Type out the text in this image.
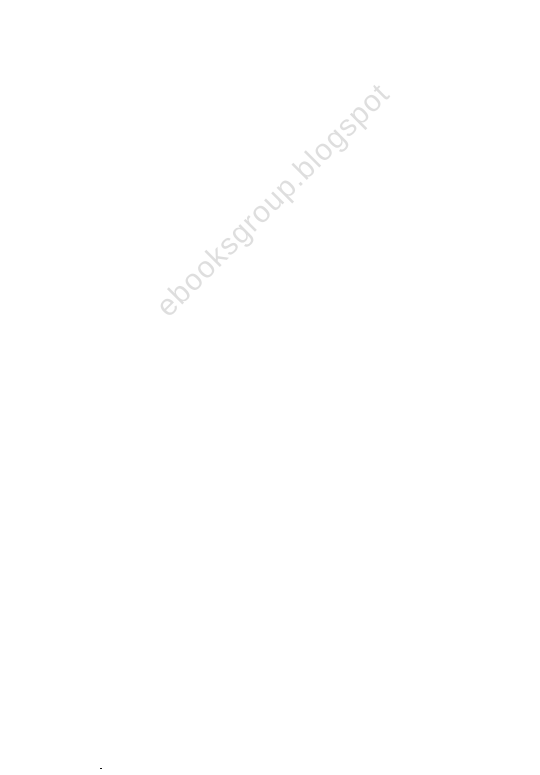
ebooksgroup.blogspot
